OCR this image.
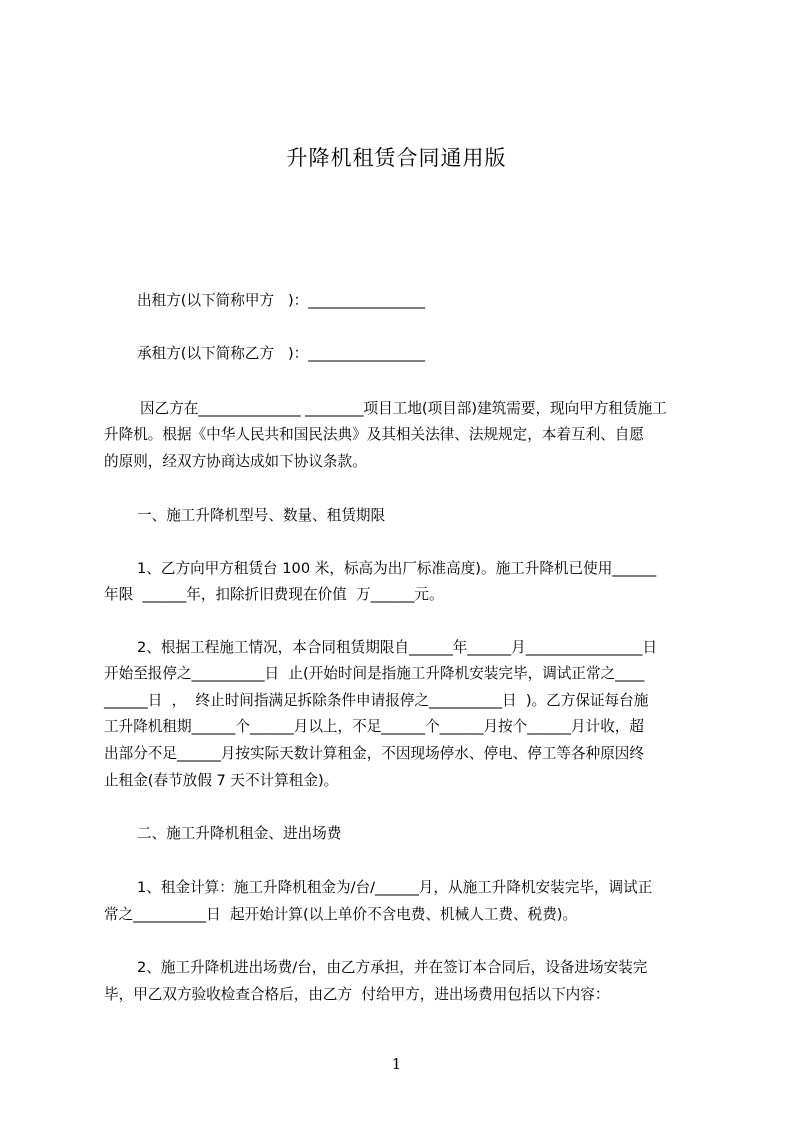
升降机租赁合同通用版
出租方(以下简称甲方   )：________________
承租方(以下简称乙方   )：________________
因乙方在______________ ________项目工地(项目部)建筑需要，现向甲方租赁施工
升降机。根据《中华人民共和国民法典》及其相关法律、法规规定，本着互利、自愿
的原则，经双方协商达成如下协议条款。
一、施工升降机型号、数量、租赁期限
1、乙方向甲方租赁台 100 米，标高为出厂标准高度)。施工升降机已使用______
年限  ______年，扣除折旧费现在价值  万______元。
2、根据工程施工情况，本合同租赁期限自______年______月________________日
开始至报停之__________日  止(开始时间是指施工升降机安装完毕，调试正常之____
______日  ，  终止时间指满足拆除条件申请报停之__________日  )。乙方保证每台施
工升降机租期______个______月以上，不足______个______月按个______月计收，超
出部分不足______月按实际天数计算租金，不因现场停水、停电、停工等各种原因终
止租金(春节放假 7 天不计算租金)。
二、施工升降机租金、进出场费
1、租金计算：施工升降机租金为/台/______月，从施工升降机安装完毕，调试正
常之__________日  起开始计算(以上单价不含电费、机械人工费、税费)。
2、施工升降机进出场费/台，由乙方承担，并在签订本合同后，设备进场安装完
毕，甲乙双方验收检查合格后，由乙方  付给甲方，进出场费用包括以下内容：
1
